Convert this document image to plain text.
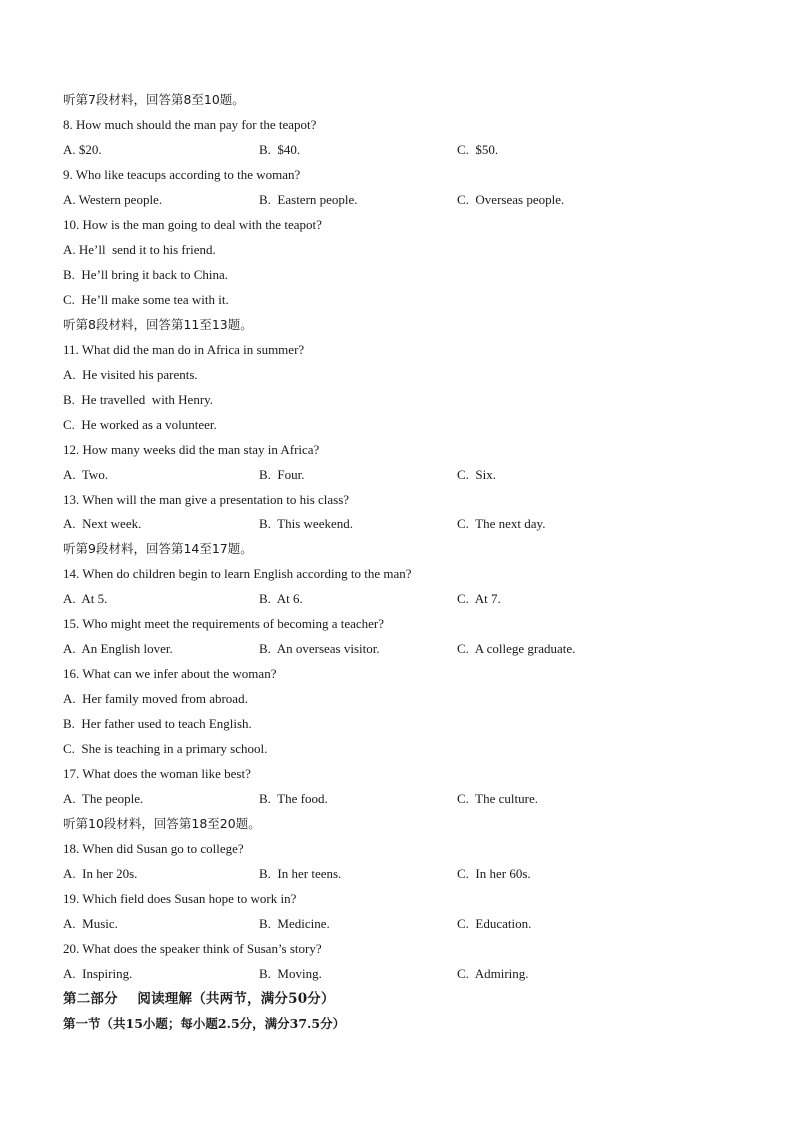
听第7段材料，回答第8至10题。
8. How much should the man pay for the teapot?
A. $20.	B.  $40.	C.  $50.
9. Who like teacups according to the woman?
A. Western people.	B.  Eastern people.	C.  Overseas people.
10. How is the man going to deal with the teapot?
A. He’ll  send it to his friend.
B.  He’ll bring it back to China.
C.  He’ll make some tea with it.
听第8段材料，回答第11至13题。
11. What did the man do in Africa in summer?
A.  He visited his parents.
B.  He travelled  with Henry.
C.  He worked as a volunteer.
12. How many weeks did the man stay in Africa?
A.  Two.	B.  Four.	C.  Six.
13. When will the man give a presentation to his class?
A.  Next week.	B.  This weekend.	C.  The next day.
听第9段材料，回答第14至17题。
14. When do children begin to learn English according to the man?
A.  At 5.	B.  At 6.	C.  At 7.
15. Who might meet the requirements of becoming a teacher?
A.  An English lover.	B.  An overseas visitor.	C.  A college graduate.
16. What can we infer about the woman?
A.  Her family moved from abroad.
B.  Her father used to teach English.
C.  She is teaching in a primary school.
17. What does the woman like best?
A.  The people.	B.  The food.	C.  The culture.
听第10段材料，回答第18至20题。
18. When did Susan go to college?
A.  In her 20s.	B.  In her teens.	C.  In her 60s.
19. Which field does Susan hope to work in?
A.  Music.	B.  Medicine.	C.  Education.
20. What does the speaker think of Susan’s story?
A.  Inspiring.	B.  Moving.	C.  Admiring.
第二部分    阅读理解（共两节，满分50分）
第一节（共15小题；每小题2.5分，满分37.5分）
